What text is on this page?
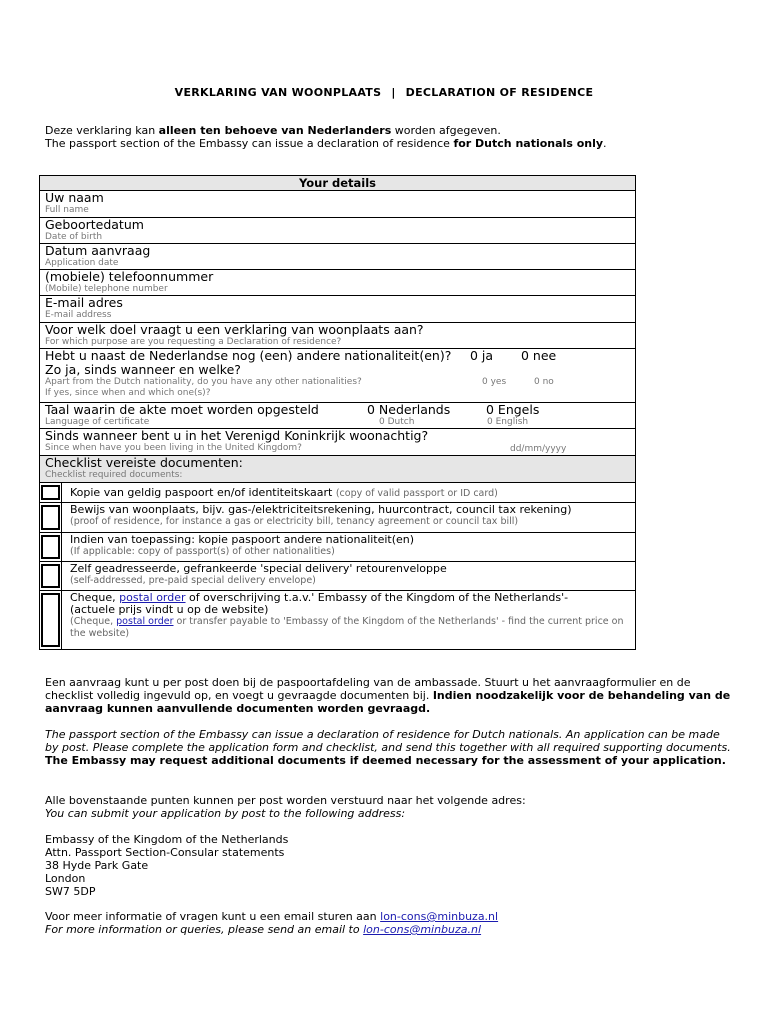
VERKLARING VAN WOONPLAATS | DECLARATION OF RESIDENCE
Deze verklaring kan alleen ten behoeve van Nederlanders worden afgegeven.
The passport section of the Embassy can issue a declaration of residence for Dutch nationals only.
Your details
Uw naam
Full name
Geboortedatum
Date of birth
Datum aanvraag
Application date
(mobiele) telefoonnummer
(Mobile) telephone number
E-mail adres
E-mail address
Voor welk doel vraagt u een verklaring van woonplaats aan?
For which purpose are you requesting a Declaration of residence?
Hebt u naast de Nederlandse nog (een) andere nationaliteit(en)?
Zo ja, sinds wanneer en welke?
Apart from the Dutch nationality, do you have any other nationalities?
If yes, since when and which one(s)?
0 ja 0 nee
0 yes	0 no
Taal waarin de akte moet worden opgesteld
Language of certificate
0 Nederlands	0 Engels
0 Dutch	0 English
Sinds wanneer bent u in het Verenigd Koninkrijk woonachtig?
Since when have you been living in the United Kingdom?	dd/mm/yyyy
Checklist vereiste documenten:
Checklist required documents:
Kopie van geldig paspoort en/of identiteitskaart (copy of valid passport or ID card)
Bewijs van woonplaats, bijv. gas-/elektriciteitsrekening, huurcontract, council tax rekening)
(proof of residence, for instance a gas or electricity bill, tenancy agreement or council tax bill)
Indien van toepassing: kopie paspoort andere nationaliteit(en)
(If applicable: copy of passport(s) of other nationalities)
Zelf geadresseerde, gefrankeerde 'special delivery' retourenveloppe
(self-addressed, pre-paid special delivery envelope)
Cheque, postal order of overschrijving t.a.v.' Embassy of the Kingdom of the Netherlands'-
(actuele prijs vindt u op de website)
(Cheque, postal order or transfer payable to 'Embassy of the Kingdom of the Netherlands' - find the current price on the website)
Een aanvraag kunt u per post doen bij de paspoortafdeling van de ambassade. Stuurt u het aanvraagformulier en de checklist volledig ingevuld op, en voegt u gevraagde documenten bij. Indien noodzakelijk voor de behandeling van de aanvraag kunnen aanvullende documenten worden gevraagd.
The passport section of the Embassy can issue a declaration of residence for Dutch nationals. An application can be made by post. Please complete the application form and checklist, and send this together with all required supporting documents. The Embassy may request additional documents if deemed necessary for the assessment of your application.
Alle bovenstaande punten kunnen per post worden verstuurd naar het volgende adres:
You can submit your application by post to the following address:
Embassy of the Kingdom of the Netherlands
Attn. Passport Section-Consular statements
38 Hyde Park Gate
London
SW7 5DP
Voor meer informatie of vragen kunt u een email sturen aan lon-cons@minbuza.nl
For more information or queries, please send an email to lon-cons@minbuza.nl
